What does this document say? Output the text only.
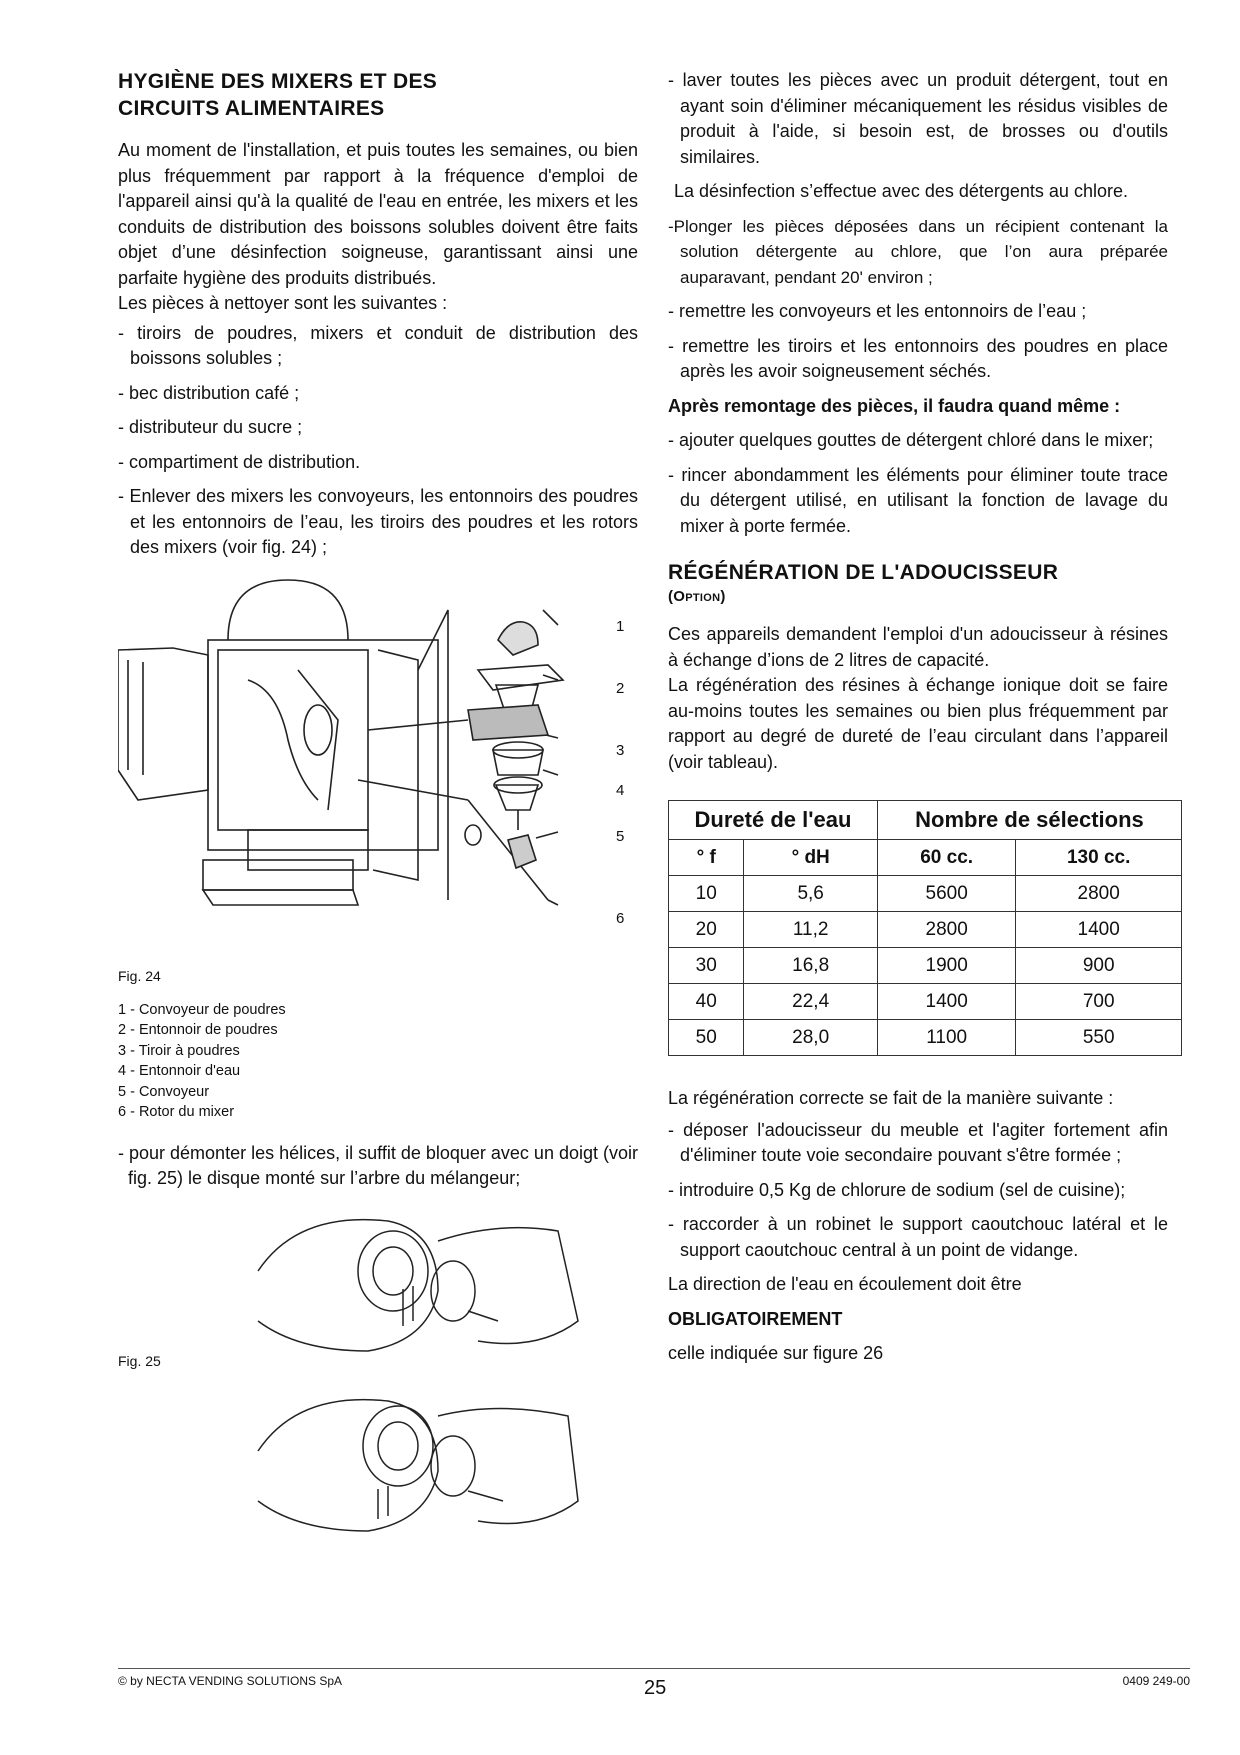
HYGIÈNE DES MIXERS ET DES
CIRCUITS ALIMENTAIRES

Au moment de l'installation, et puis toutes les semaines, ou bien plus fréquemment par rapport à la fréquence d'emploi de l'appareil ainsi qu'à la qualité de l'eau en entrée, les mixers et les conduits de distribution des boissons solubles doivent être faits objet d’une désinfection soigneuse, garantissant ainsi une parfaite hygiène des produits distribués.

Les pièces à nettoyer sont les suivantes :

- tiroirs de poudres, mixers et conduit de distribution des boissons solubles ;
- bec distribution café ;
- distributeur du sucre ;
- compartiment de distribution.
- Enlever des mixers les convoyeurs, les entonnoirs des poudres et les entonnoirs de l’eau, les tiroirs des poudres et les rotors des mixers (voir fig. 24) ;
1
2
3
4
5
6
Fig. 24
1 - Convoyeur de poudres
2 - Entonnoir de poudres
3 - Tiroir à poudres
4 - Entonnoir d'eau
5 - Convoyeur
6 - Rotor du mixer
- pour démonter les hélices, il suffit de bloquer avec un doigt (voir fig. 25) le disque monté sur l’arbre du mélangeur;
Fig. 25
- laver toutes les pièces avec un produit détergent, tout en ayant soin d'éliminer mécaniquement les résidus visibles de produit à l'aide, si besoin est, de brosses ou d'outils similaires.

La désinfection s’effectue avec des détergents au chlore.

-Plonger les pièces déposées dans un récipient contenant la solution détergente au chlore, que l’on aura préparée auparavant, pendant 20' environ ;
- remettre les convoyeurs et les entonnoirs de l’eau ;
- remettre les tiroirs et les entonnoirs des poudres en place après les avoir soigneusement séchés.

Après remontage des pièces, il faudra quand même :

- ajouter quelques gouttes de détergent chloré dans le mixer;
- rincer abondamment les éléments pour éliminer toute trace du détergent utilisé, en utilisant la fonction de lavage du mixer à porte fermée.
RÉGÉNÉRATION DE L'ADOUCISSEUR
(Option)

Ces appareils demandent l'emploi d'un adoucisseur à résines à échange d’ions de 2 litres de capacité.

La régénération des résines à échange ionique doit se faire au-moins toutes les semaines ou bien plus fréquemment par rapport au degré de dureté de l’eau circulant dans l’appareil (voir tableau).

Dureté de l'eau		Nombre de sélections	
° f	° dH	60 cc.	130 cc.
10	5,6	5600	2800
20	11,2	2800	1400
30	16,8	1900	900
40	22,4	1400	700
50	28,0	1100	550

La régénération correcte se fait de la manière suivante :

- déposer l'adoucisseur du meuble et l'agiter fortement afin d'éliminer toute voie secondaire pouvant s'être formée ;
- introduire 0,5 Kg de chlorure de sodium (sel de cuisine);
- raccorder à un robinet le support caoutchouc latéral et le support caoutchouc central à un point de vidange.

La direction de l'eau en écoulement doit être

OBLIGATOIREMENT

celle indiquée sur figure 26

© by NECTA VENDING SOLUTIONS SpA	25	0409 249-00
